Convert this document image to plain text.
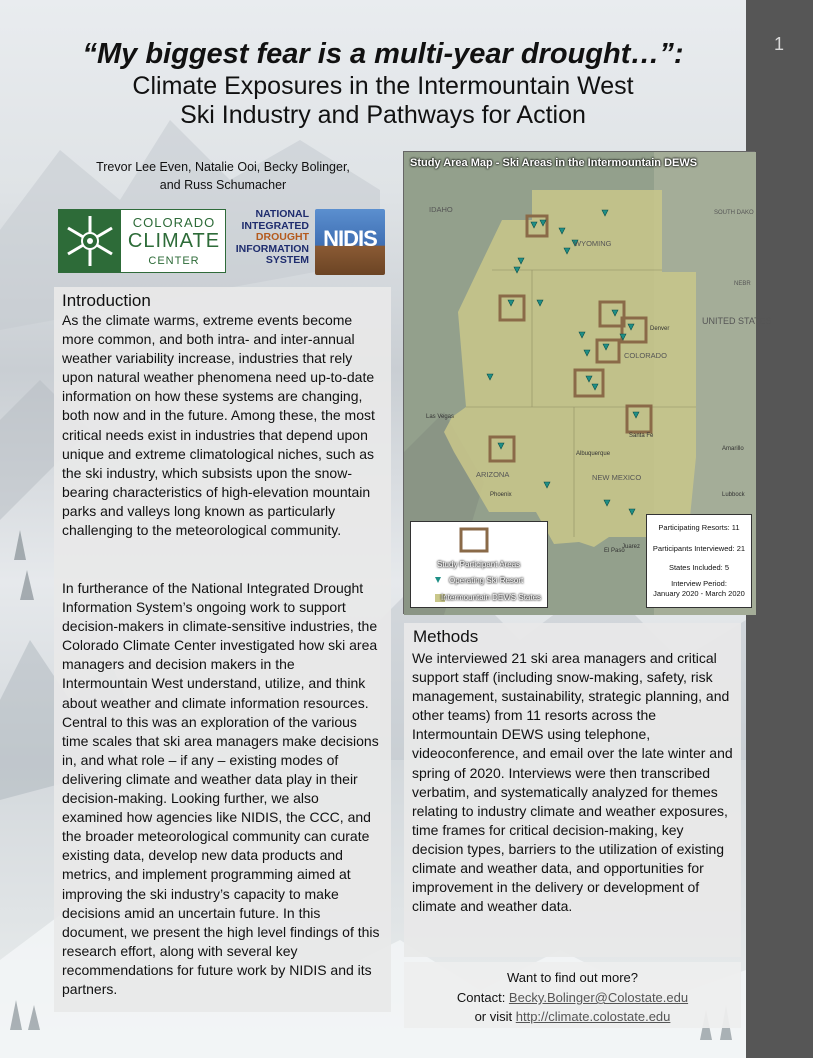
1
“My biggest fear is a multi-year drought…”:
Climate Exposures in the Intermountain West
Ski Industry and Pathways for Action
Trevor Lee Even, Natalie Ooi, Becky Bolinger,
and Russ Schumacher
COLORADO
CLIMATE
CENTER
NATIONAL
INTEGRATED
DROUGHT
INFORMATION
SYSTEM
NIDIS
Introduction

As the climate warms, extreme events become more common, and both intra- and inter-annual weather variability increase, industries that rely upon natural weather phenomena need up-to-date information on how these systems are changing, both now and in the future. Among these, the most critical needs exist in industries that depend upon unique and extreme climatological niches, such as the ski industry, which subsists upon the snow-bearing characteristics of high-elevation mountain parks and valleys long known as particularly challenging to the meteorological community.

In furtherance of the National Integrated Drought Information System’s ongoing work to support decision-makers in climate-sensitive industries, the Colorado Climate Center investigated how ski area managers and decision makers in the Intermountain West understand, utilize, and think about weather and climate information resources. Central to this was an exploration of the various time scales that ski area managers make decisions in, and what role – if any – existing modes of delivering climate and weather data play in their decision-making. Looking further, we also examined how agencies like NIDIS, the CCC, and the broader meteorological community can curate existing data, develop new data products and metrics, and implement programming aimed at improving the ski industry’s capacity to make decisions amid an uncertain future. In this document, we present the high level findings of this research effort, along with several key recommendations for future work by NIDIS and its partners.

IDAHO
WYOMING
COLORADO
ARIZONA	NEW MEXICO
UNITED STATES
SOUTH DAKO
NEBR
Denver
Las Vegas
Phoenix
El Paso
Juarez
Albuquerque
Lubbock
Amarillo
Santa Fe
Study Area Map - Ski Areas in the Intermountain DEWS
Study Participant Areas
Operating Ski Resort
Intermountain DEWS States
Participating Resorts: 11
Participants Interviewed: 21
States Included: 5
Interview Period:
January 2020 - March 2020
Methods

We interviewed 21 ski area managers and critical support staff (including snow-making, safety, risk management, sustainability, strategic planning, and other teams) from 11 resorts across the Intermountain DEWS using telephone, videoconference, and email over the late winter and spring of 2020. Interviews were then transcribed verbatim, and systematically analyzed for themes relating to industry climate and weather exposures, time frames for critical decision-making, key decision types, barriers to the utilization of existing climate and weather data, and opportunities for improvement in the delivery or development of climate and weather data.

Want to find out more?
Contact: Becky.Bolinger@Colostate.edu
or visit http://climate.colostate.edu
